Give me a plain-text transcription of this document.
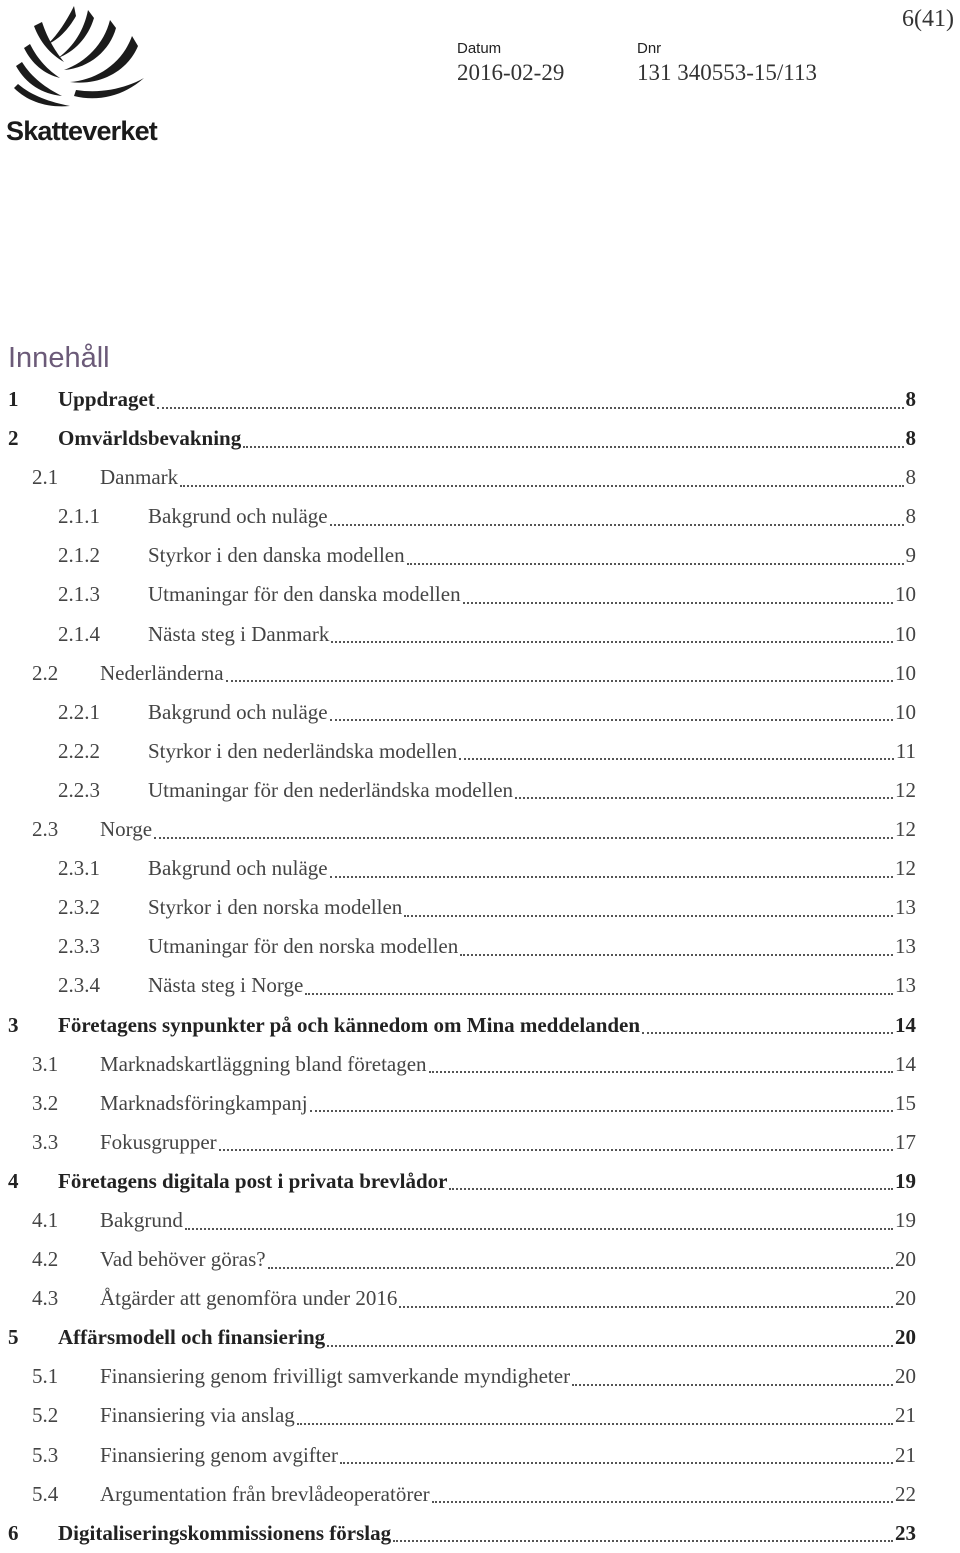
Skatteverket
6(41)
Datum
2016-02-29
Dnr
131 340553-15/113
Innehåll
1	Uppdraget	8
2	Omvärldsbevakning	8
2.1	Danmark	8
2.1.1	Bakgrund och nuläge	8
2.1.2	Styrkor i den danska modellen	9
2.1.3	Utmaningar för den danska modellen	10
2.1.4	Nästa steg i Danmark	10
2.2	Nederländerna	10
2.2.1	Bakgrund och nuläge	10
2.2.2	Styrkor i den nederländska modellen	11
2.2.3	Utmaningar för den nederländska modellen	12
2.3	Norge	12
2.3.1	Bakgrund och nuläge	12
2.3.2	Styrkor i den norska modellen	13
2.3.3	Utmaningar för den norska modellen	13
2.3.4	Nästa steg i Norge	13
3	Företagens synpunkter på och kännedom om Mina meddelanden	14
3.1	Marknadskartläggning bland företagen	14
3.2	Marknadsföringkampanj	15
3.3	Fokusgrupper	17
4	Företagens digitala post i privata brevlådor	19
4.1	Bakgrund	19
4.2	Vad behöver göras?	20
4.3	Åtgärder att genomföra under 2016	20
5	Affärsmodell och finansiering	20
5.1	Finansiering genom frivilligt samverkande myndigheter	20
5.2	Finansiering via anslag	21
5.3	Finansiering genom avgifter	21
5.4	Argumentation från brevlådeoperatörer	22
6	Digitaliseringskommissionens förslag	23
